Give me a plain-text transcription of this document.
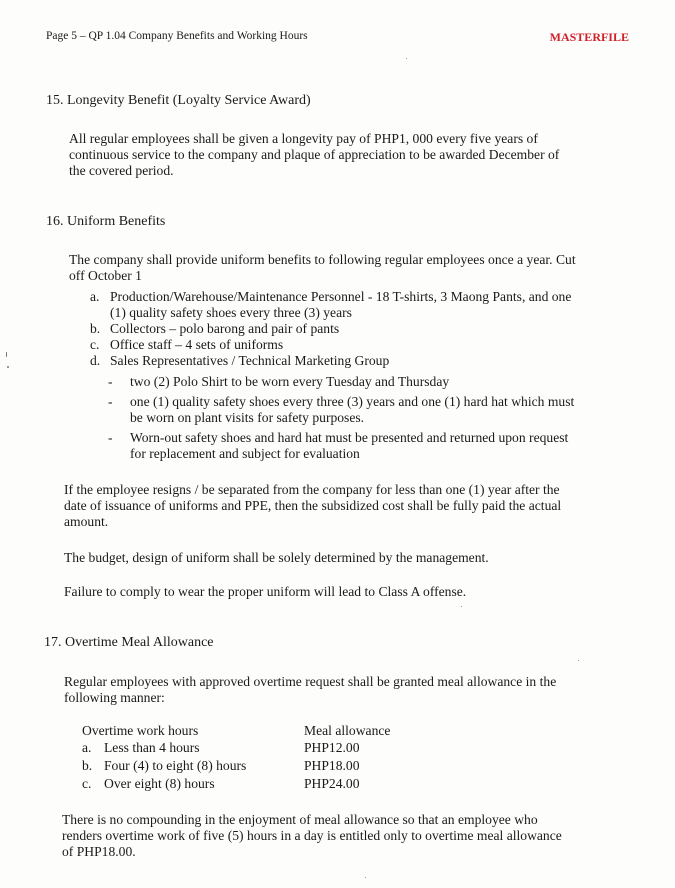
Page 5 – QP 1.04 Company Benefits and Working Hours	MASTERFILE
15. Longevity Benefit (Loyalty Service Award)
All regular employees shall be given a longevity pay of PHP1, 000 every five years of
continuous service to the company and plaque of appreciation to be awarded December of
the covered period.
16. Uniform Benefits
The company shall provide uniform benefits to following regular employees once a year. Cut
off October 1
a. Production/Warehouse/Maintenance Personnel - 18 T-shirts, 3 Maong Pants, and one
(1) quality safety shoes every three (3) years
b. Collectors – polo barong and pair of pants
c. Office staff – 4 sets of uniforms
d. Sales Representatives / Technical Marketing Group
- two (2) Polo Shirt to be worn every Tuesday and Thursday
- one (1) quality safety shoes every three (3) years and one (1) hard hat which must
be worn on plant visits for safety purposes.
- Worn-out safety shoes and hard hat must be presented and returned upon request
for replacement and subject for evaluation
If the employee resigns / be separated from the company for less than one (1) year after the
date of issuance of uniforms and PPE, then the subsidized cost shall be fully paid the actual
amount.
The budget, design of uniform shall be solely determined by the management.
Failure to comply to wear the proper uniform will lead to Class A offense.
17. Overtime Meal Allowance
Regular employees with approved overtime request shall be granted meal allowance in the
following manner:
Overtime work hours	Meal allowance
a. Less than 4 hours	PHP12.00
b. Four (4) to eight (8) hours	PHP18.00
c. Over eight (8) hours	PHP24.00
There is no compounding in the enjoyment of meal allowance so that an employee who
renders overtime work of five (5) hours in a day is entitled only to overtime meal allowance
of PHP18.00.
